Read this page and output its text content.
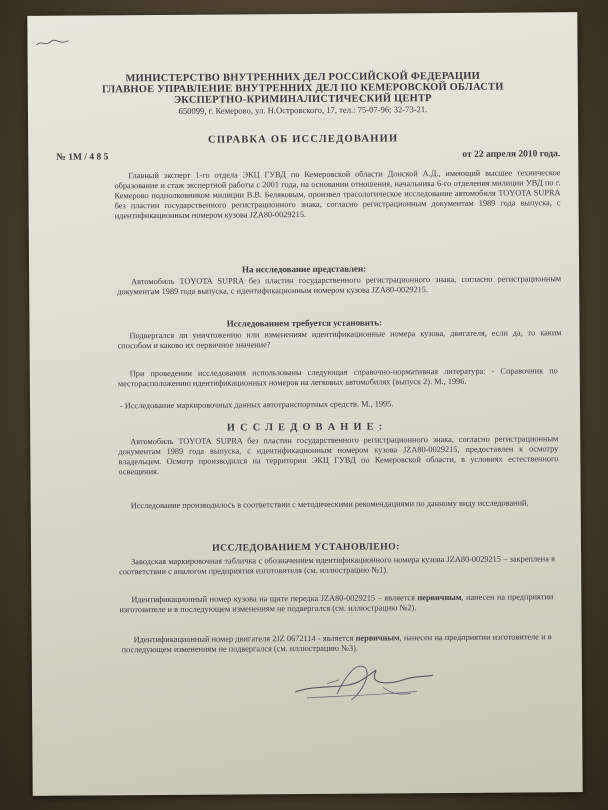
МИНИСТЕРСТВО ВНУТРЕННИХ ДЕЛ РОССИЙСКОЙ ФЕДЕРАЦИИ
ГЛАВНОЕ УПРАВЛЕНИЕ ВНУТРЕННИХ ДЕЛ ПО КЕМЕРОВСКОЙ ОБЛАСТИ
ЭКСПЕРТНО-КРИМИНАЛИСТИЧЕСКИЙ ЦЕНТР
650099, г. Кемерово, ул. Н.Островского, 17, тел.: 75-07-96; 32-73-21.
СПРАВКА ОБ ИССЛЕДОВАНИИ
№ 1М / 4 8 5	от 22 апреля 2010 года.

Главный эксперт 1-го отдела ЭКЦ ГУВД по Кемеровской области Донской А.Д., имеющий высшее техническое образование и стаж экспертной работы с 2001 года, на основании отношения, начальника 6-го отделения милиции УВД по г. Кемерово подполковником милиции В.В. Беляковым, произвел трасологическое исследование автомобиля TOYOTA SUPRA без пластин государственного регистрационного знака, согласно регистрационным документам 1989 года выпуска, с идентификационным номером кузова JZA80-0029215.

На исследование представлен:

Автомобиль TOYOTA SUPRA без пластин государственного регистрационного знака, согласно регистрационным документам 1989 года выпуска, с идентификационным номером кузова JZA80-0029215.

Исследованием требуется установить:

Подвергался ли уничтожению или изменениям идентификационные номера кузова, двигателя, если да, то каким способом и каково их первичное значение?

При проведении исследования использованы следующая справочно-нормативная литература: - Справочник по месторасположению идентификационных номеров на легковых автомобилях (выпуск 2). М., 1996.

- Исследование маркировочных данных автотранспортных средств. М., 1995.

И С С Л Е Д О В А Н И Е :

Автомобиль TOYOTA SUPRA без пластин государственного регистрационного знака, согласно регистрационным документам 1989 года выпуска, с идентификационным номером кузова JZA80-0029215, предоставлен к осмотру владельцем. Осмотр производился на территории ЭКЦ ГУВД по Кемеровской области, в условиях естественного освещения.

Исследование производилось в соответствии с методическими рекомендациями по данному виду исследований.

ИССЛЕДОВАНИЕМ УСТАНОВЛЕНО:

Заводская маркировочная табличка с обозначением идентификационного номера кузова JZA80-0029215 – закреплена в соответствии с аналогом предприятия изготовителя (см. иллюстрацию №1).

Идентификационный номер кузова на щите передка JZA80-0029215 – является первичным, нанесен на предприятии изготовителе и в последующем изменениям не подвергался (см. иллюстрацию №2).

Идентификационный номер двигателя 2JZ 0672114 - является первичным, нанесен на предприятии изготовителе и в последующем изменениям не подвергался (см. иллюстрацию №3).
